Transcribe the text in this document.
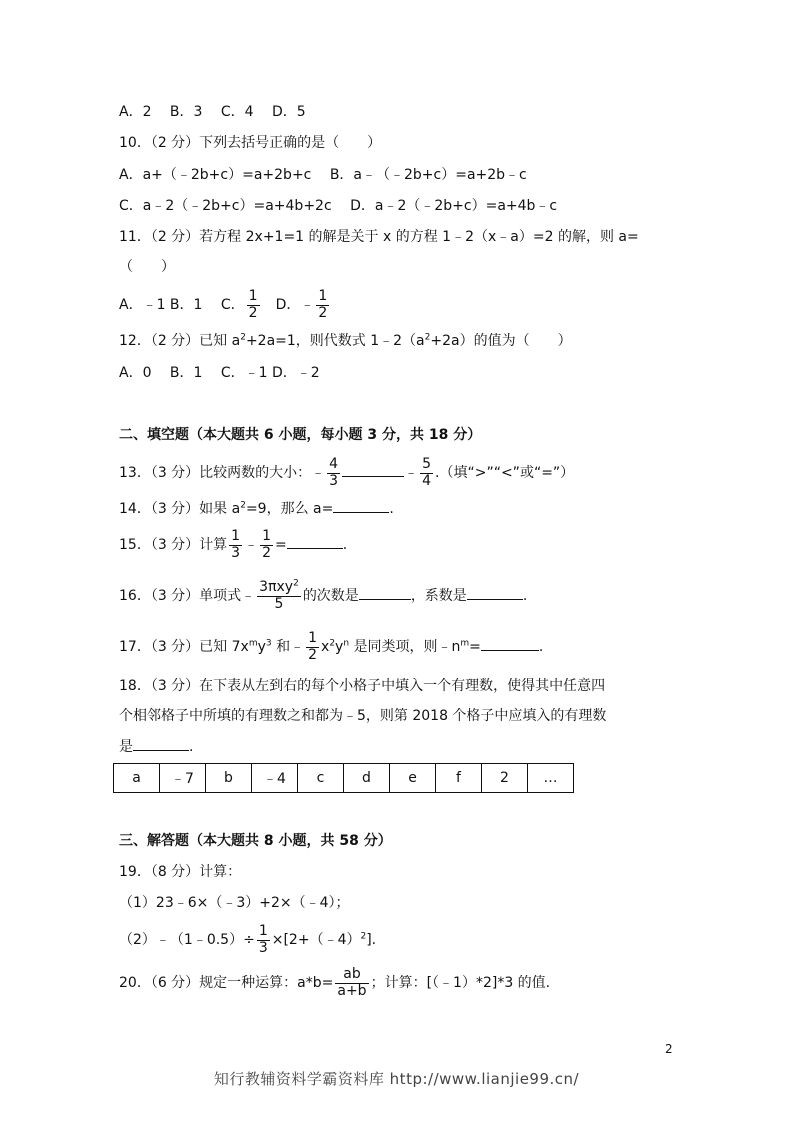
A．2　 B．3　 C．4　 D．5
10．（2 分）下列去括号正确的是（　　）
A．a+（﹣2b+c）=a+2b+c　 B．a﹣（﹣2b+c）=a+2b﹣c
C．a﹣2（﹣2b+c）=a+4b+2c　 D．a﹣2（﹣2b+c）=a+4b﹣c
11．（2 分）若方程 2x+1=1 的解是关于 x 的方程 1﹣2（x﹣a）=2 的解，则 a=
（　　）
A．﹣1 B．1　 C． $\frac{1}{2}$ 　D．﹣ $\frac{1}{2}$
12．（2 分）已知 $a^2+2a=1$，则代数式 $1﹣2(a^2+2a)$的值为（　　）
A．0　 B．1　 C．﹣1 D．﹣2
二、填空题（本大题共 6 小题，每小题 3 分，共 18 分）
13．（3 分）比较两数的大小：﹣ $\frac{4}{3}$	﹣ $\frac{5}{4}$ .（填“>”“<”或“=”）
14．（3 分）如果 $a^2=9$，那么 a=	.
15．（3 分）计算 $\frac{1}{3}$ ﹣ $\frac{1}{2}$ =	.
16．（3 分）单项式﹣ $\frac{3\pi xy^2}{5}$ 的次数是	，系数是	.
17．（3 分）已知 $7x^my^3$ 和﹣ $\frac{1}{2} x^2y^n$ 是同类项，则$﹣n^m=$	.
18．（3 分）在下表从左到右的每个小格子中填入一个有理数，使得其中任意四
个相邻格子中所填的有理数之和都为﹣5，则第 2018 个格子中应填入的有理数
是	.
a	﹣7	b	﹣4	c	d	e	f	2	…
三、解答题（本大题共 8 小题，共 58 分）
19．（8 分）计算：
（1）23﹣6×（﹣3）+2×（﹣4）；
（2）﹣（1﹣0.5）÷ $\frac{1}{3}$ ×[2+（﹣4）$^2$].
20．（6 分）规定一种运算：$a*b= \frac{ab}{a+b}$ ；计算：[（﹣1）*2]*3 的值.
2
知行教辅资料学霸资料库 http://www.lianjie99.cn/
